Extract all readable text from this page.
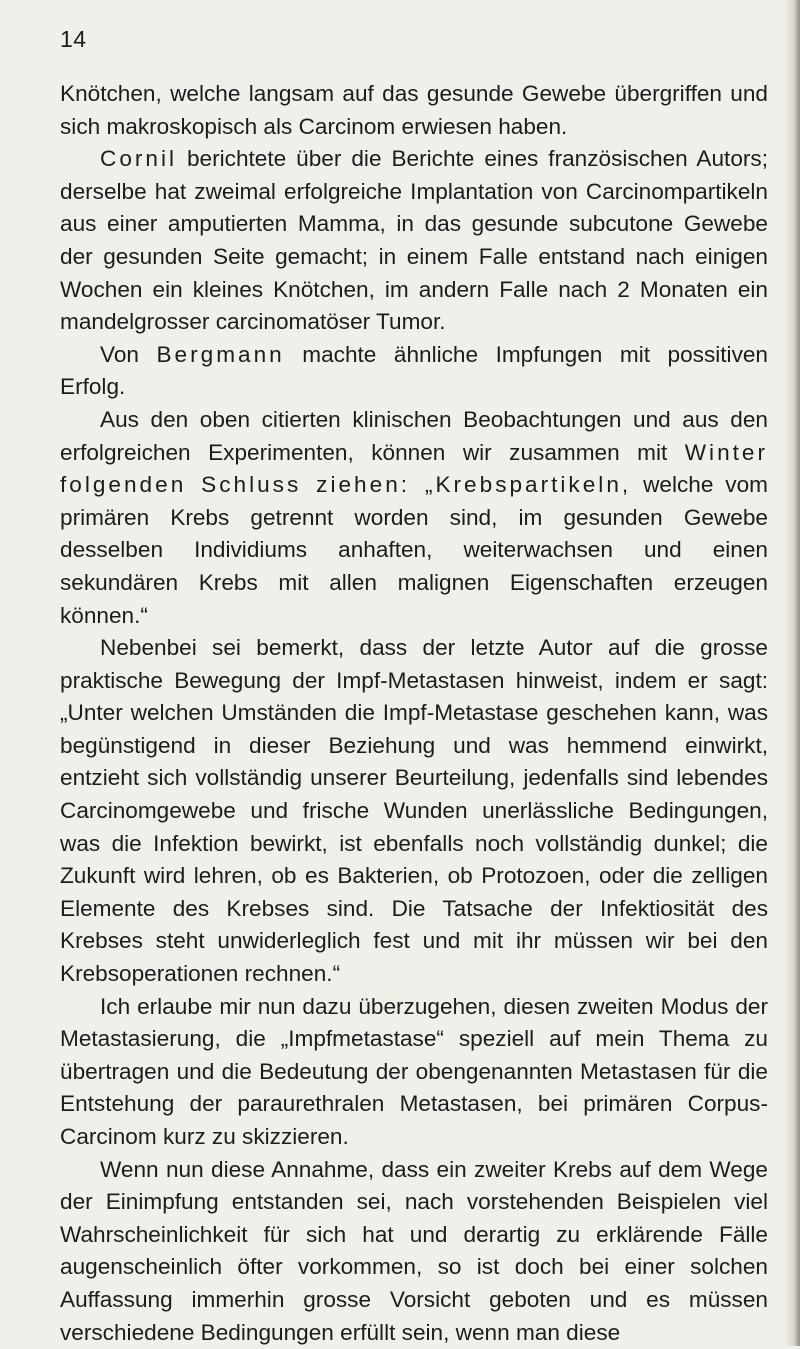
14

Knötchen, welche langsam auf das gesunde Gewebe übergriffen und sich makroskopisch als Carcinom erwiesen haben.

Cornil berichtete über die Berichte eines französischen Autors; derselbe hat zweimal erfolgreiche Implantation von Carcinompartikeln aus einer amputierten Mamma, in das gesunde subcutone Gewebe der gesunden Seite gemacht; in einem Falle entstand nach einigen Wochen ein kleines Knötchen, im andern Falle nach 2 Monaten ein mandelgrosser carcinomatöser Tumor.

Von Bergmann machte ähnliche Impfungen mit possitiven Erfolg.

Aus den oben citierten klinischen Beobachtungen und aus den erfolgreichen Experimenten, können wir zusammen mit Winter folgenden Schluss ziehen: „Krebspartikeln, welche vom primären Krebs getrennt worden sind, im gesunden Gewebe desselben Individiums anhaften, weiterwachsen und einen sekundären Krebs mit allen malignen Eigenschaften erzeugen können.“

Nebenbei sei bemerkt, dass der letzte Autor auf die grosse praktische Bewegung der Impf-Metastasen hinweist, indem er sagt: „Unter welchen Umständen die Impf-Metastase geschehen kann, was begünstigend in dieser Beziehung und was hemmend einwirkt, entzieht sich vollständig unserer Beurteilung, jedenfalls sind lebendes Carcinomgewebe und frische Wunden unerlässliche Bedingungen, was die Infektion bewirkt, ist ebenfalls noch vollständig dunkel; die Zukunft wird lehren, ob es Bakterien, ob Protozoen, oder die zelligen Elemente des Krebses sind. Die Tatsache der Infektiosität des Krebses steht unwiderleglich fest und mit ihr müssen wir bei den Krebsoperationen rechnen.“

Ich erlaube mir nun dazu überzugehen, diesen zweiten Modus der Metastasierung, die „Impfmetastase“ speziell auf mein Thema zu übertragen und die Bedeutung der obengenannten Metastasen für die Entstehung der paraurethralen Metastasen, bei primären Corpus-Carcinom kurz zu skizzieren.

Wenn nun diese Annahme, dass ein zweiter Krebs auf dem Wege der Einimpfung entstanden sei, nach vorstehenden Beispielen viel Wahrscheinlichkeit für sich hat und derartig zu erklärende Fälle augenscheinlich öfter vorkommen, so ist doch bei einer solchen Auffassung immerhin grosse Vorsicht geboten und es müssen verschiedene Bedingungen erfüllt sein, wenn man diese
